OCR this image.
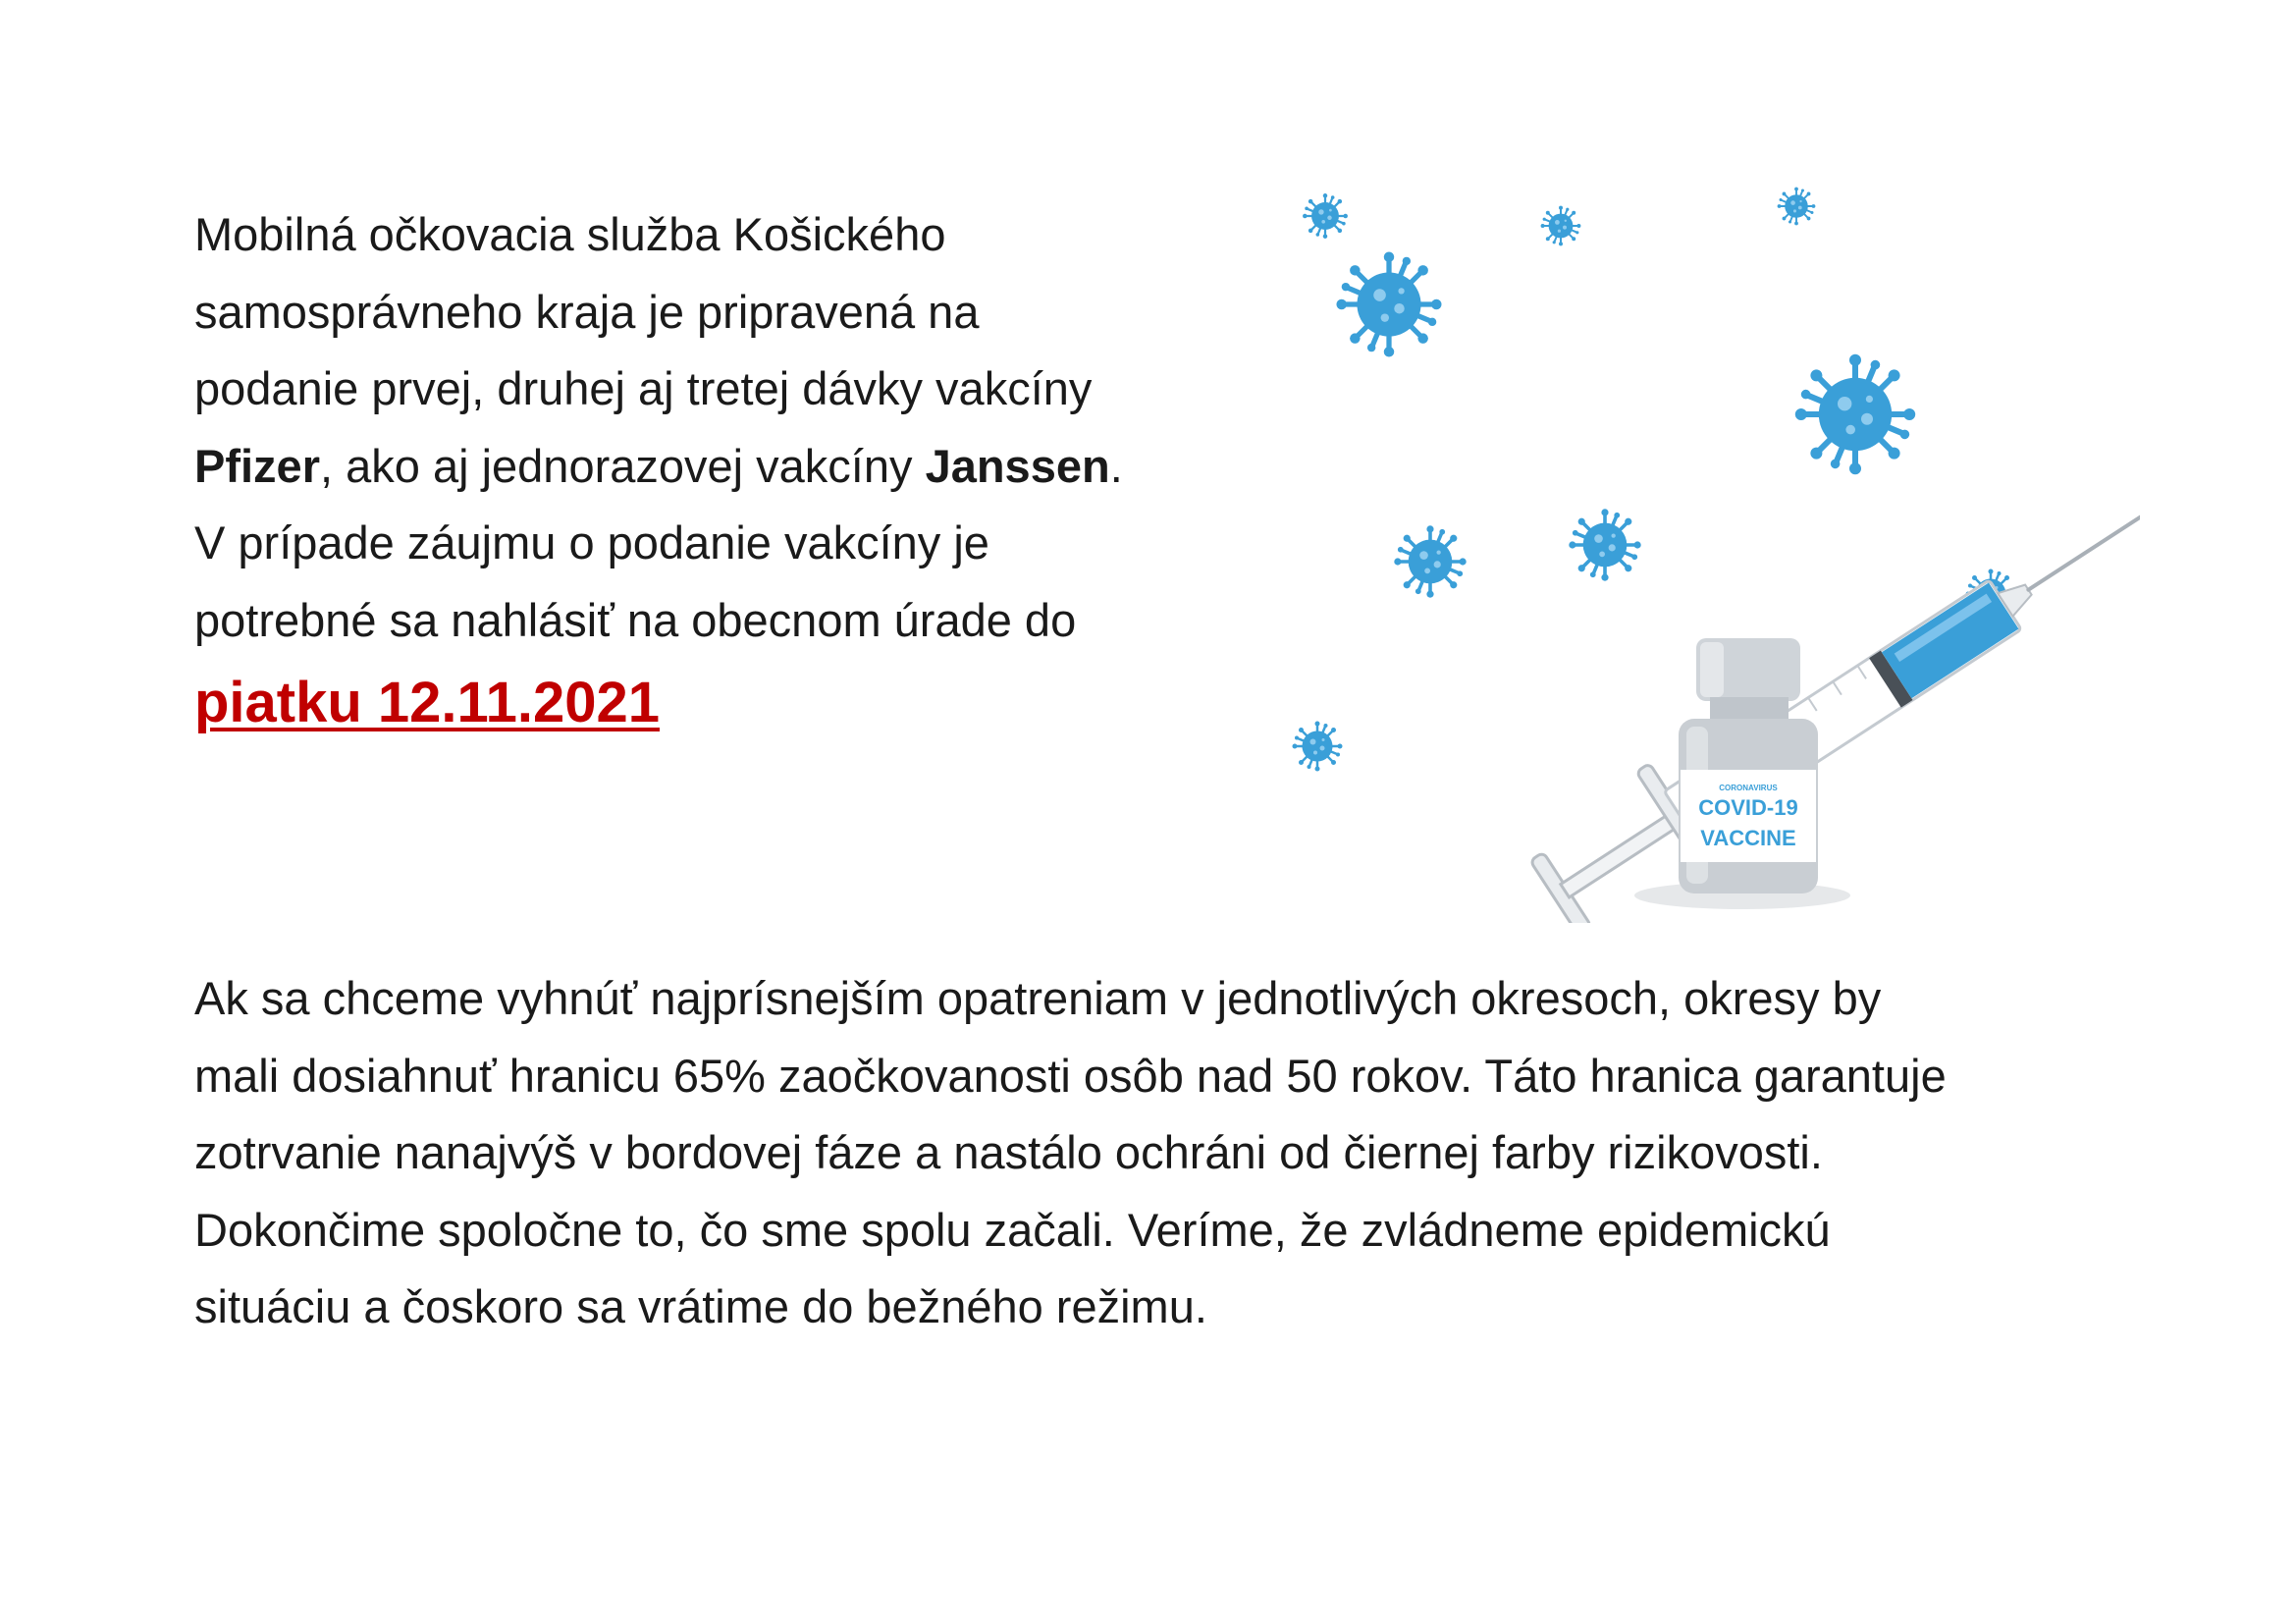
Mobilná očkovacia služba Košického

samosprávneho kraja je pripravená na

podanie prvej, druhej aj tretej dávky vakcíny

Pfizer, ako aj jednorazovej vakcíny Janssen.

V prípade záujmu o podanie vakcíny je

potrebné sa nahlásiť na obecnom úrade do

piatku 12.11.2021
CORONAVIRUS
COVID-19
VACCINE

Ak sa chceme vyhnúť najprísnejším opatreniam v jednotlivých okresoch, okresy by

mali dosiahnuť hranicu 65% zaočkovanosti osôb nad 50 rokov. Táto hranica garantuje

zotrvanie nanajvýš v bordovej fáze a nastálo ochráni od čiernej farby rizikovosti.

Dokončime spoločne to, čo sme spolu začali. Veríme, že zvládneme epidemickú

situáciu a čoskoro sa vrátime do bežného režimu.
